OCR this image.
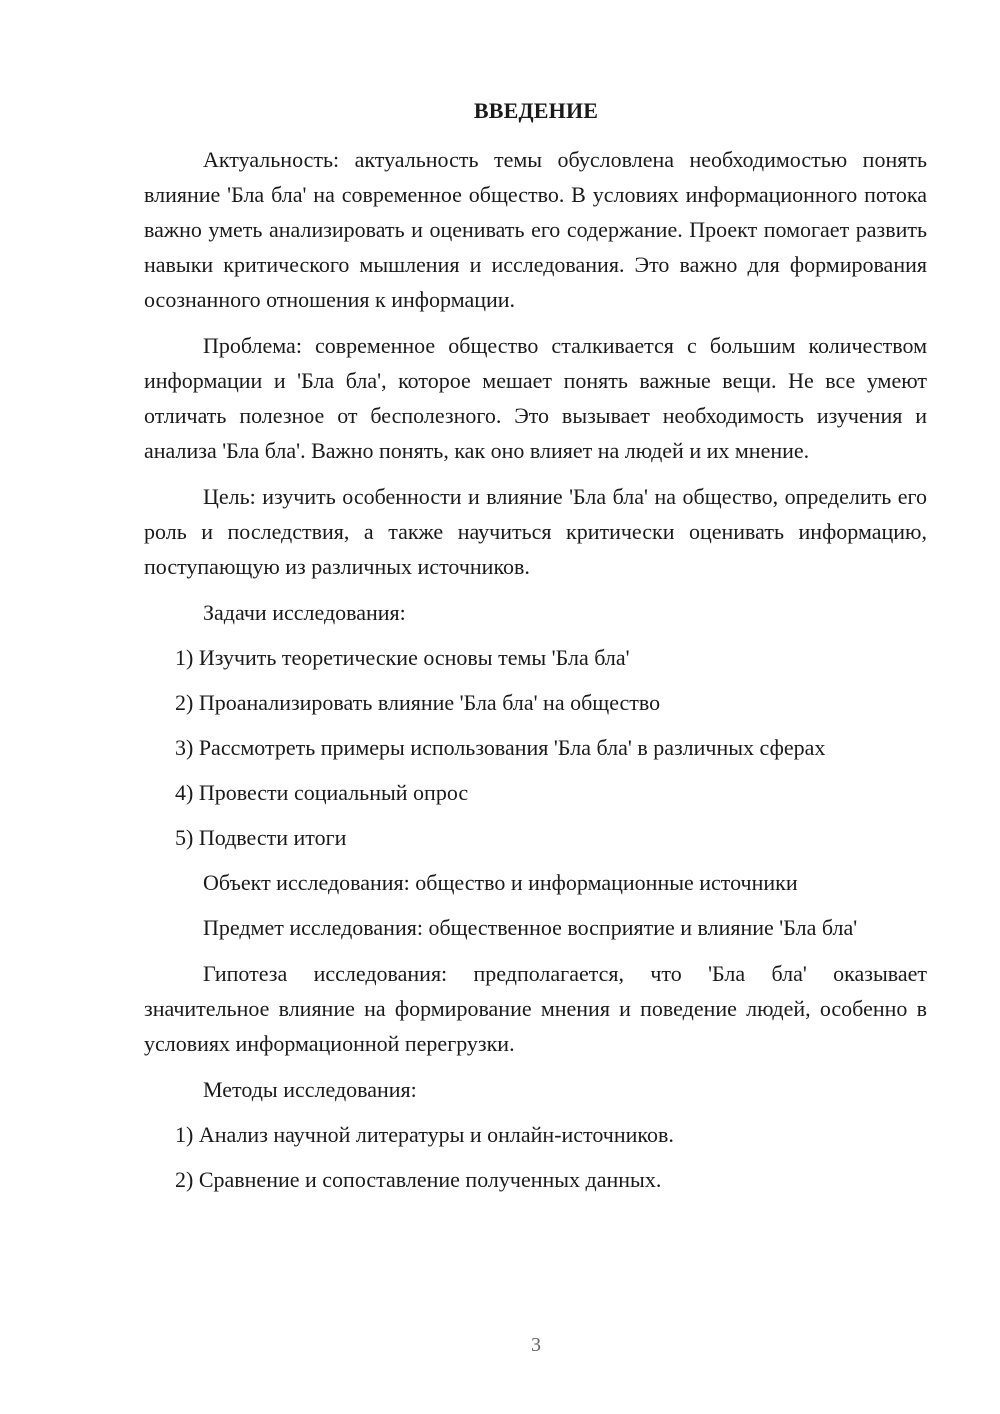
ВВЕДЕНИЕ

Актуальность: актуальность темы обусловлена необходимостью понять влияние 'Бла бла' на современное общество. В условиях информационного потока важно уметь анализировать и оценивать его содержание. Проект помогает развить навыки критического мышления и исследования. Это важно для формирования осознанного отношения к информации.

Проблема: современное общество сталкивается с большим количеством информации и 'Бла бла', которое мешает понять важные вещи. Не все умеют отличать полезное от бесполезного. Это вызывает необходимость изучения и анализа 'Бла бла'. Важно понять, как оно влияет на людей и их мнение.

Цель: изучить особенности и влияние 'Бла бла' на общество, определить его роль и последствия, а также научиться критически оценивать информацию, поступающую из различных источников.

Задачи исследования:

1) Изучить теоретические основы темы 'Бла бла'

2) Проанализировать влияние 'Бла бла' на общество

3) Рассмотреть примеры использования 'Бла бла' в различных сферах

4) Провести социальный опрос

5) Подвести итоги

Объект исследования: общество и информационные источники

Предмет исследования: общественное восприятие и влияние 'Бла бла'

Гипотеза исследования: предполагается, что 'Бла бла' оказывает значительное влияние на формирование мнения и поведение людей, особенно в условиях информационной перегрузки.

Методы исследования:

1) Анализ научной литературы и онлайн-источников.

2) Сравнение и сопоставление полученных данных.

3
